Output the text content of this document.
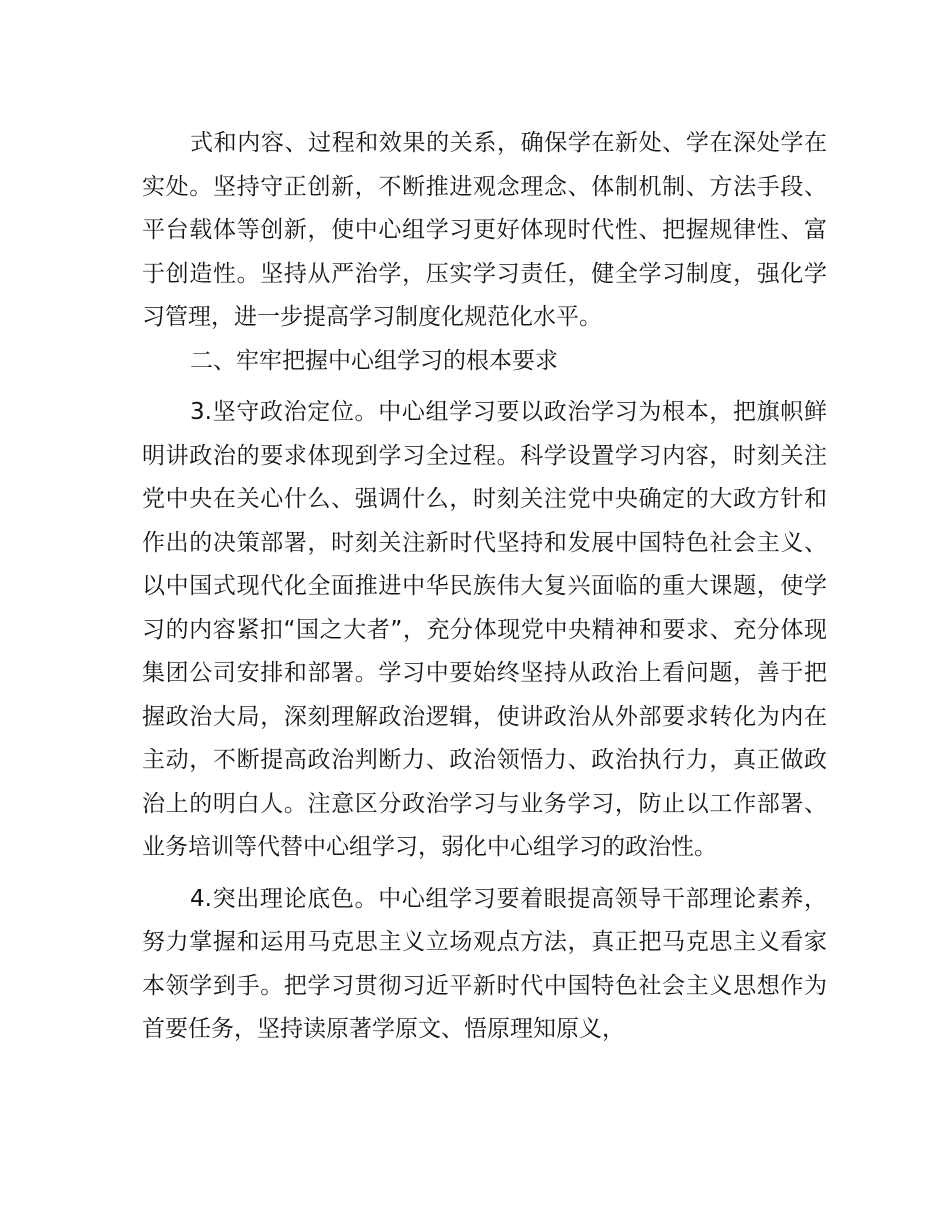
式和内容、过程和效果的关系，确保学在新处、学在深处学在实处。坚持守正创新，不断推进观念理念、体制机制、方法手段、平台载体等创新，使中心组学习更好体现时代性、把握规律性、富于创造性。坚持从严治学，压实学习责任，健全学习制度，强化学习管理，进一步提高学习制度化规范化水平。

二、牢牢把握中心组学习的根本要求

3.坚守政治定位。中心组学习要以政治学习为根本，把旗帜鲜明讲政治的要求体现到学习全过程。科学设置学习内容，时刻关注党中央在关心什么、强调什么，时刻关注党中央确定的大政方针和作出的决策部署，时刻关注新时代坚持和发展中国特色社会主义、以中国式现代化全面推进中华民族伟大复兴面临的重大课题，使学习的内容紧扣“国之大者”，充分体现党中央精神和要求、充分体现集团公司安排和部署。学习中要始终坚持从政治上看问题，善于把握政治大局，深刻理解政治逻辑，使讲政治从外部要求转化为内在主动，不断提高政治判断力、政治领悟力、政治执行力，真正做政治上的明白人。注意区分政治学习与业务学习，防止以工作部署、业务培训等代替中心组学习，弱化中心组学习的政治性。

4.突出理论底色。中心组学习要着眼提高领导干部理论素养，努力掌握和运用马克思主义立场观点方法，真正把马克思主义看家本领学到手。把学习贯彻习近平新时代中国特色社会主义思想作为首要任务，坚持读原著学原文、悟原理知原义，
